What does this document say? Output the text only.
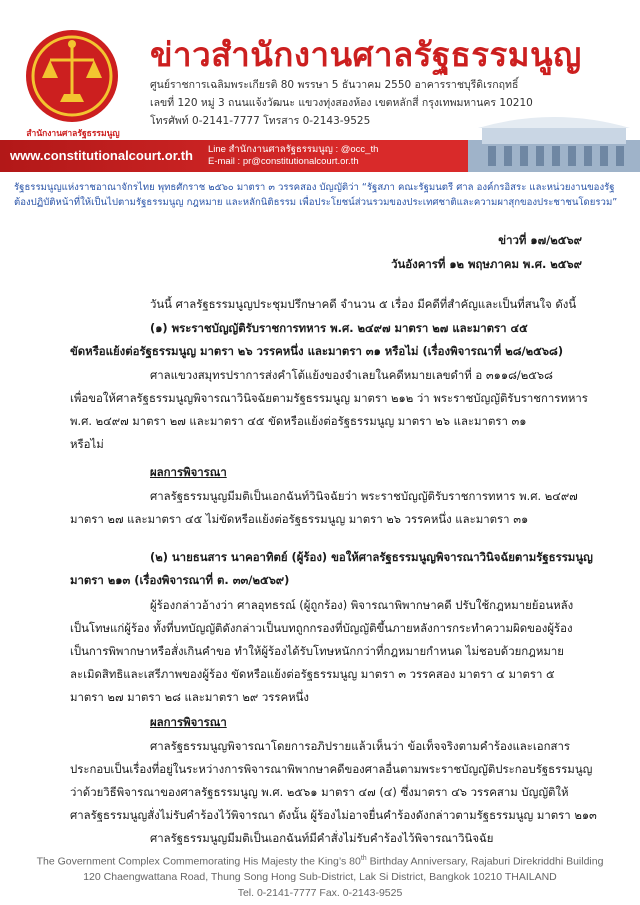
สำนักงานศาลรัฐธรรมนูญ
ข่าวสำนักงานศาลรัฐธรรมนูญ
ศูนย์ราชการเฉลิมพระเกียรติ 80 พรรษา 5 ธันวาคม 2550 อาคารราชบุรีดิเรกฤทธิ์
เลขที่ 120 หมู่ 3 ถนนแจ้งวัฒนะ แขวงทุ่งสองห้อง เขตหลักสี่ กรุงเทพมหานคร 10210
โทรศัพท์ 0-2141-7777 โทรสาร 0-2143-9525
www.constitutionalcourt.or.th Line สำนักงานศาลรัฐธรรมนูญ : @occ_th
E-mail : pr@constitutionalcourt.or.th
รัฐธรรมนูญแห่งราชอาณาจักรไทย พุทธศักราช ๒๕๖๐ มาตรา ๓ วรรคสอง บัญญัติว่า “รัฐสภา คณะรัฐมนตรี ศาล องค์กรอิสระ และหน่วยงานของรัฐ
ต้องปฏิบัติหน้าที่ให้เป็นไปตามรัฐธรรมนูญ กฎหมาย และหลักนิติธรรม เพื่อประโยชน์ส่วนรวมของประเทศชาติและความผาสุกของประชาชนโดยรวม”
ข่าวที่ ๑๗/๒๕๖๙
วันอังคารที่ ๑๒ พฤษภาคม พ.ศ. ๒๕๖๙
วันนี้ ศาลรัฐธรรมนูญประชุมปรึกษาคดี จำนวน ๕ เรื่อง มีคดีที่สำคัญและเป็นที่สนใจ ดังนี้
(๑) พระราชบัญญัติรับราชการทหาร พ.ศ. ๒๔๙๗ มาตรา ๒๗ และมาตรา ๔๕
ขัดหรือแย้งต่อรัฐธรรมนูญ มาตรา ๒๖ วรรคหนึ่ง และมาตรา ๓๑ หรือไม่ (เรื่องพิจารณาที่ ๒๘/๒๕๖๘)
ศาลแขวงสมุทรปราการส่งคำโต้แย้งของจำเลยในคดีหมายเลขดำที่ อ ๓๑๑๘/๒๕๖๘
เพื่อขอให้ศาลรัฐธรรมนูญพิจารณาวินิจฉัยตามรัฐธรรมนูญ มาตรา ๒๑๒ ว่า พระราชบัญญัติรับราชการทหาร
พ.ศ. ๒๔๙๗ มาตรา ๒๗ และมาตรา ๔๕ ขัดหรือแย้งต่อรัฐธรรมนูญ มาตรา ๒๖ และมาตรา ๓๑
หรือไม่
ผลการพิจารณา
ศาลรัฐธรรมนูญมีมติเป็นเอกฉันท์วินิจฉัยว่า พระราชบัญญัติรับราชการทหาร พ.ศ. ๒๔๙๗
มาตรา ๒๗ และมาตรา ๔๕ ไม่ขัดหรือแย้งต่อรัฐธรรมนูญ มาตรา ๒๖ วรรคหนึ่ง และมาตรา ๓๑
(๒) นายธนสาร นาคอาทิตย์ (ผู้ร้อง) ขอให้ศาลรัฐธรรมนูญพิจารณาวินิจฉัยตามรัฐธรรมนูญ
มาตรา ๒๑๓ (เรื่องพิจารณาที่ ต. ๓๓/๒๕๖๙)
ผู้ร้องกล่าวอ้างว่า ศาลอุทธรณ์ (ผู้ถูกร้อง) พิจารณาพิพากษาคดี ปรับใช้กฎหมายย้อนหลัง
เป็นโทษแก่ผู้ร้อง ทั้งที่บทบัญญัติดังกล่าวเป็นบทถูกกรองที่บัญญัติขึ้นภายหลังการกระทำความผิดของผู้ร้อง
เป็นการพิพากษาหรือสั่งเกินคำขอ ทำให้ผู้ร้องได้รับโทษหนักกว่าที่กฎหมายกำหนด ไม่ชอบด้วยกฎหมาย
ละเมิดสิทธิและเสรีภาพของผู้ร้อง ขัดหรือแย้งต่อรัฐธรรมนูญ มาตรา ๓ วรรคสอง มาตรา ๔ มาตรา ๕
มาตรา ๒๗ มาตรา ๒๘ และมาตรา ๒๙ วรรคหนึ่ง
ผลการพิจารณา
ศาลรัฐธรรมนูญพิจารณาโดยการอภิปรายแล้วเห็นว่า ข้อเท็จจริงตามคำร้องและเอกสาร
ประกอบเป็นเรื่องที่อยู่ในระหว่างการพิจารณาพิพากษาคดีของศาลอื่นตามพระราชบัญญัติประกอบรัฐธรรมนูญ
ว่าด้วยวิธีพิจารณาของศาลรัฐธรรมนูญ พ.ศ. ๒๕๖๑ มาตรา ๔๗ (๔) ซึ่งมาตรา ๔๖ วรรคสาม บัญญัติให้
ศาลรัฐธรรมนูญสั่งไม่รับคำร้องไว้พิจารณา ดังนั้น ผู้ร้องไม่อาจยื่นคำร้องดังกล่าวตามรัฐธรรมนูญ มาตรา ๒๑๓
ศาลรัฐธรรมนูญมีมติเป็นเอกฉันท์มีคำสั่งไม่รับคำร้องไว้พิจารณาวินิจฉัย
The Government Complex Commemorating His Majesty the King’s 80th Birthday Anniversary, Rajaburi Direkriddhi Building
120 Chaengwattana Road, Thung Song Hong Sub-District, Lak Si District, Bangkok 10210 THAILAND
Tel. 0-2141-7777 Fax. 0-2143-9525
